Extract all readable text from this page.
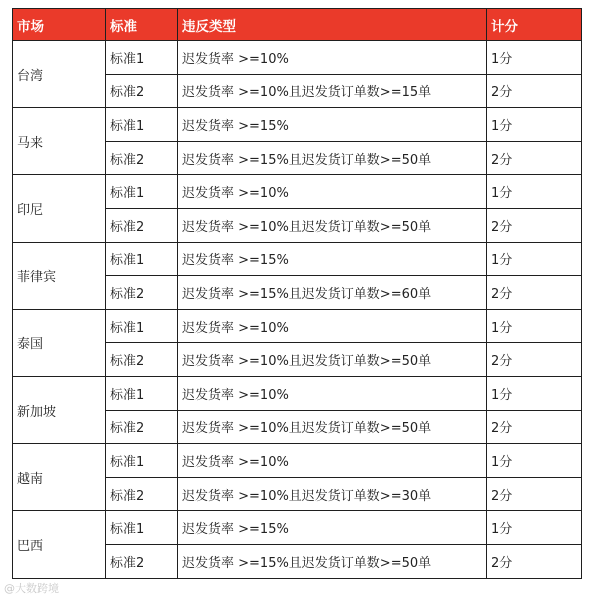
市场	标准	违反类型	计分
台湾	标准1	迟发货率 >=10%	1分
	标准2	迟发货率 >=10%且迟发货订单数>=15单	2分
马来	标准1	迟发货率 >=15%	1分
	标准2	迟发货率 >=15%且迟发货订单数>=50单	2分
印尼	标准1	迟发货率 >=10%	1分
	标准2	迟发货率 >=10%且迟发货订单数>=50单	2分
菲律宾	标准1	迟发货率 >=15%	1分
	标准2	迟发货率 >=15%且迟发货订单数>=60单	2分
泰国	标准1	迟发货率 >=10%	1分
	标准2	迟发货率 >=10%且迟发货订单数>=50单	2分
新加坡	标准1	迟发货率 >=10%	1分
	标准2	迟发货率 >=10%且迟发货订单数>=50单	2分
越南	标准1	迟发货率 >=10%	1分
	标准2	迟发货率 >=10%且迟发货订单数>=30单	2分
巴西	标准1	迟发货率 >=15%	1分
	标准2	迟发货率 >=15%且迟发货订单数>=50单	2分
@大数跨境
